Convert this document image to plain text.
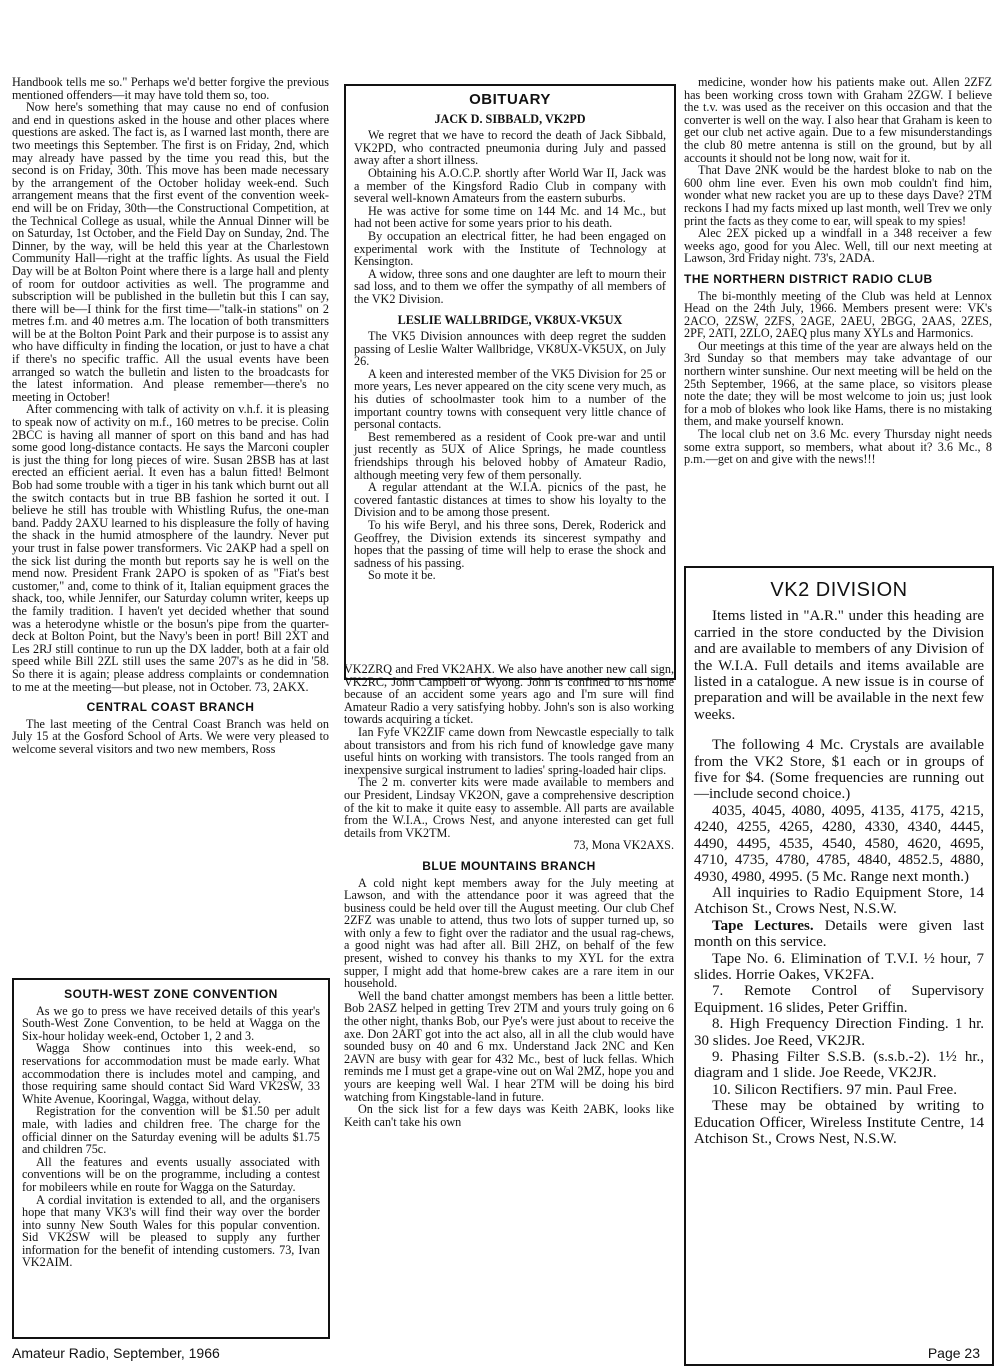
Handbook tells me so." Perhaps we'd better forgive the previous mentioned offenders—it may have told them so, too.

Now here's something that may cause no end of confusion and end in questions asked in the house and other places where questions are asked. The fact is, as I warned last month, there are two meetings this September. The first is on Friday, 2nd, which may already have passed by the time you read this, but the second is on Friday, 30th. This move has been made necessary by the arrangement of the October holiday week-end. Such arrangement means that the first event of the convention week-end will be on Friday, 30th—the Constructional Competition, at the Technical College as usual, while the Annual Dinner will be on Saturday, 1st October, and the Field Day on Sunday, 2nd. The Dinner, by the way, will be held this year at the Charlestown Community Hall—right at the traffic lights. As usual the Field Day will be at Bolton Point where there is a large hall and plenty of room for outdoor activities as well. The programme and subscription will be published in the bulletin but this I can say, there will be—I think for the first time—"talk-in stations" on 2 metres f.m. and 40 metres a.m. The location of both transmitters will be at the Bolton Point Park and their purpose is to assist any who have difficulty in finding the location, or just to have a chat if there's no specific traffic. All the usual events have been arranged so watch the bulletin and listen to the broadcasts for the latest information. And please remember—there's no meeting in October!

After commencing with talk of activity on v.h.f. it is pleasing to speak now of activity on m.f., 160 metres to be precise. Colin 2BCC is having all manner of sport on this band and has had some good long-distance contacts. He says the Marconi coupler is just the thing for long pieces of wire. Susan 2BSB has at last erected an efficient aerial. It even has a balun fitted! Belmont Bob had some trouble with a tiger in his tank which burnt out all the switch contacts but in true BB fashion he sorted it out. I believe he still has trouble with Whistling Rufus, the one-man band. Paddy 2AXU learned to his displeasure the folly of having the shack in the humid atmosphere of the laundry. Never put your trust in false power transformers. Vic 2AKP had a spell on the sick list during the month but reports say he is well on the mend now. President Frank 2APO is spoken of as "Fiat's best customer," and, come to think of it, Italian equipment graces the shack, too, while Jennifer, our Saturday column writer, keeps up the family tradition. I haven't yet decided whether that sound was a heterodyne whistle or the bosun's pipe from the quarter-deck at Bolton Point, but the Navy's been in port! Bill 2XT and Les 2RJ still continue to run up the DX ladder, both at a fair old speed while Bill 2ZL still uses the same 207's as he did in '58. So there it is again; please address complaints or condemnation to me at the meeting—but please, not in October. 73, 2AKX.

CENTRAL COAST BRANCH

The last meeting of the Central Coast Branch was held on July 15 at the Gosford School of Arts. We were very pleased to welcome several visitors and two new members, Ross

SOUTH-WEST ZONE CONVENTION

As we go to press we have received details of this year's South-West Zone Convention, to be held at Wagga on the Six-hour holiday week-end, October 1, 2 and 3.

Wagga Show continues into this week-end, so reservations for accommodation must be made early. What accommodation there is includes motel and camping, and those requiring same should contact Sid Ward VK2SW, 33 White Avenue, Kooringal, Wagga, without delay.

Registration for the convention will be $1.50 per adult male, with ladies and children free. The charge for the official dinner on the Saturday evening will be adults $1.75 and children 75c.

All the features and events usually associated with conventions will be on the programme, including a contest for mobileers while en route for Wagga on the Saturday.

A cordial invitation is extended to all, and the organisers hope that many VK3's will find their way over the border into sunny New South Wales for this popular convention. Sid VK2SW will be pleased to supply any further information for the benefit of intending customers. 73, Ivan VK2AIM.

OBITUARY
JACK D. SIBBALD, VK2PD

We regret that we have to record the death of Jack Sibbald, VK2PD, who contracted pneumonia during July and passed away after a short illness.

Obtaining his A.O.C.P. shortly after World War II, Jack was a member of the Kingsford Radio Club in company with several well-known Amateurs from the eastern suburbs.

He was active for some time on 144 Mc. and 14 Mc., but had not been active for some years prior to his death.

By occupation an electrical fitter, he had been engaged on experimental work with the Institute of Technology at Kensington.

A widow, three sons and one daughter are left to mourn their sad loss, and to them we offer the sympathy of all members of the VK2 Division.

LESLIE WALLBRIDGE, VK8UX-VK5UX

The VK5 Division announces with deep regret the sudden passing of Leslie Walter Wallbridge, VK8UX-VK5UX, on July 26.

A keen and interested member of the VK5 Division for 25 or more years, Les never appeared on the city scene very much, as his duties of schoolmaster took him to a number of the important country towns with consequent very little chance of personal contacts.

Best remembered as a resident of Cook pre-war and until just recently as 5UX of Alice Springs, he made countless friendships through his beloved hobby of Amateur Radio, although meeting very few of them personally.

A regular attendant at the W.I.A. picnics of the past, he covered fantastic distances at times to show his loyalty to the Division and to be among those present.

To his wife Beryl, and his three sons, Derek, Roderick and Geoffrey, the Division extends its sincerest sympathy and hopes that the passing of time will help to erase the shock and sadness of his passing.

So mote it be.

VK2ZRQ and Fred VK2AHX. We also have another new call sign, VK2RC, John Campbell of Wyong. John is confined to his home because of an accident some years ago and I'm sure will find Amateur Radio a very satisfying hobby. John's son is also working towards acquiring a ticket.

Ian Fyfe VK2ZIF came down from Newcastle especially to talk about transistors and from his rich fund of knowledge gave many useful hints on working with transistors. The tools ranged from an inexpensive surgical instrument to ladies' spring-loaded hair clips.

The 2 m. converter kits were made available to members and our President, Lindsay VK2ON, gave a comprehensive description of the kit to make it quite easy to assemble. All parts are available from the W.I.A., Crows Nest, and anyone interested can get full details from VK2TM.

73, Mona VK2AXS.
BLUE MOUNTAINS BRANCH

A cold night kept members away for the July meeting at Lawson, and with the attendance poor it was agreed that the business could be held over till the August meeting. Our club Chef 2ZFZ was unable to attend, thus two lots of supper turned up, so with only a few to fight over the radiator and the usual rag-chews, a good night was had after all. Bill 2HZ, on behalf of the few present, wished to convey his thanks to my XYL for the extra supper, I might add that home-brew cakes are a rare item in our household.

Well the band chatter amongst members has been a little better. Bob 2ASZ helped in getting Trev 2TM and yours truly going on 6 the other night, thanks Bob, our Pye's were just about to receive the axe. Don 2ART got into the act also, all in all the club would have sounded busy on 40 and 6 mx. Understand Jack 2NC and Ken 2AVN are busy with gear for 432 Mc., best of luck fellas. Which reminds me I must get a grape-vine out on Wal 2MZ, hope you and yours are keeping well Wal. I hear 2TM will be doing his bird watching from Kingstable-land in future.

On the sick list for a few days was Keith 2ABK, looks like Keith can't take his own

medicine, wonder how his patients make out. Allen 2ZFZ has been working cross town with Graham 2ZGW. I believe the t.v. was used as the receiver on this occasion and that the converter is well on the way. I also hear that Graham is keen to get our club net active again. Due to a few misunderstandings the club 80 metre antenna is still on the ground, but by all accounts it should not be long now, wait for it.

That Dave 2NK would be the hardest bloke to nab on the 600 ohm line ever. Even his own mob couldn't find him, wonder what new racket you are up to these days Dave? 2TM reckons I had my facts mixed up last month, well Trev we only print the facts as they come to ear, will speak to my spies!

Alec 2EX picked up a windfall in a 348 receiver a few weeks ago, good for you Alec. Well, till our next meeting at Lawson, 3rd Friday night. 73's, 2ADA.

THE NORTHERN DISTRICT RADIO CLUB

The bi-monthly meeting of the Club was held at Lennox Head on the 24th July, 1966. Members present were: VK's 2ACO, 2ZSW, 2ZFS, 2AGE, 2AEU, 2BGG, 2AAS, 2ZES, 2PF, 2ATI, 2ZLO, 2AEQ plus many XYLs and Harmonics.

Our meetings at this time of the year are always held on the 3rd Sunday so that members may take advantage of our northern winter sunshine. Our next meeting will be held on the 25th September, 1966, at the same place, so visitors please note the date; they will be most welcome to join us; just look for a mob of blokes who look like Hams, there is no mistaking them, and make yourself known.

The local club net on 3.6 Mc. every Thursday night needs some extra support, so members, what about it? 3.6 Mc., 8 p.m.—get on and give with the news!!!

VK2 DIVISION

Items listed in "A.R." under this heading are carried in the store conducted by the Division and are available to members of any Division of the W.I.A. Full details and items available are listed in a catalogue. A new issue is in course of preparation and will be available in the next few weeks.

The following 4 Mc. Crystals are available from the VK2 Store, $1 each or in groups of five for $4. (Some frequencies are running out—include second choice.)

4035, 4045, 4080, 4095, 4135, 4175, 4215, 4240, 4255, 4265, 4280, 4330, 4340, 4445, 4490, 4495, 4535, 4540, 4580, 4620, 4695, 4710, 4735, 4780, 4785, 4840, 4852.5, 4880, 4930, 4980, 4995. (5 Mc. Range next month.)

All inquiries to Radio Equipment Store, 14 Atchison St., Crows Nest, N.S.W.

Tape Lectures. Details were given last month on this service.

Tape No. 6. Elimination of T.V.I. ½ hour, 7 slides. Horrie Oakes, VK2FA.

7. Remote Control of Supervisory Equipment. 16 slides, Peter Griffin.

8. High Frequency Direction Finding. 1 hr. 30 slides. Joe Reed, VK2JR.

9. Phasing Filter S.S.B. (s.s.b.-2). 1½ hr., diagram and 1 slide. Joe Reede, VK2JR.

10. Silicon Rectifiers. 97 min. Paul Free.

These may be obtained by writing to Education Officer, Wireless Institute Centre, 14 Atchison St., Crows Nest, N.S.W.

Amateur Radio, September, 1966	Page 23
